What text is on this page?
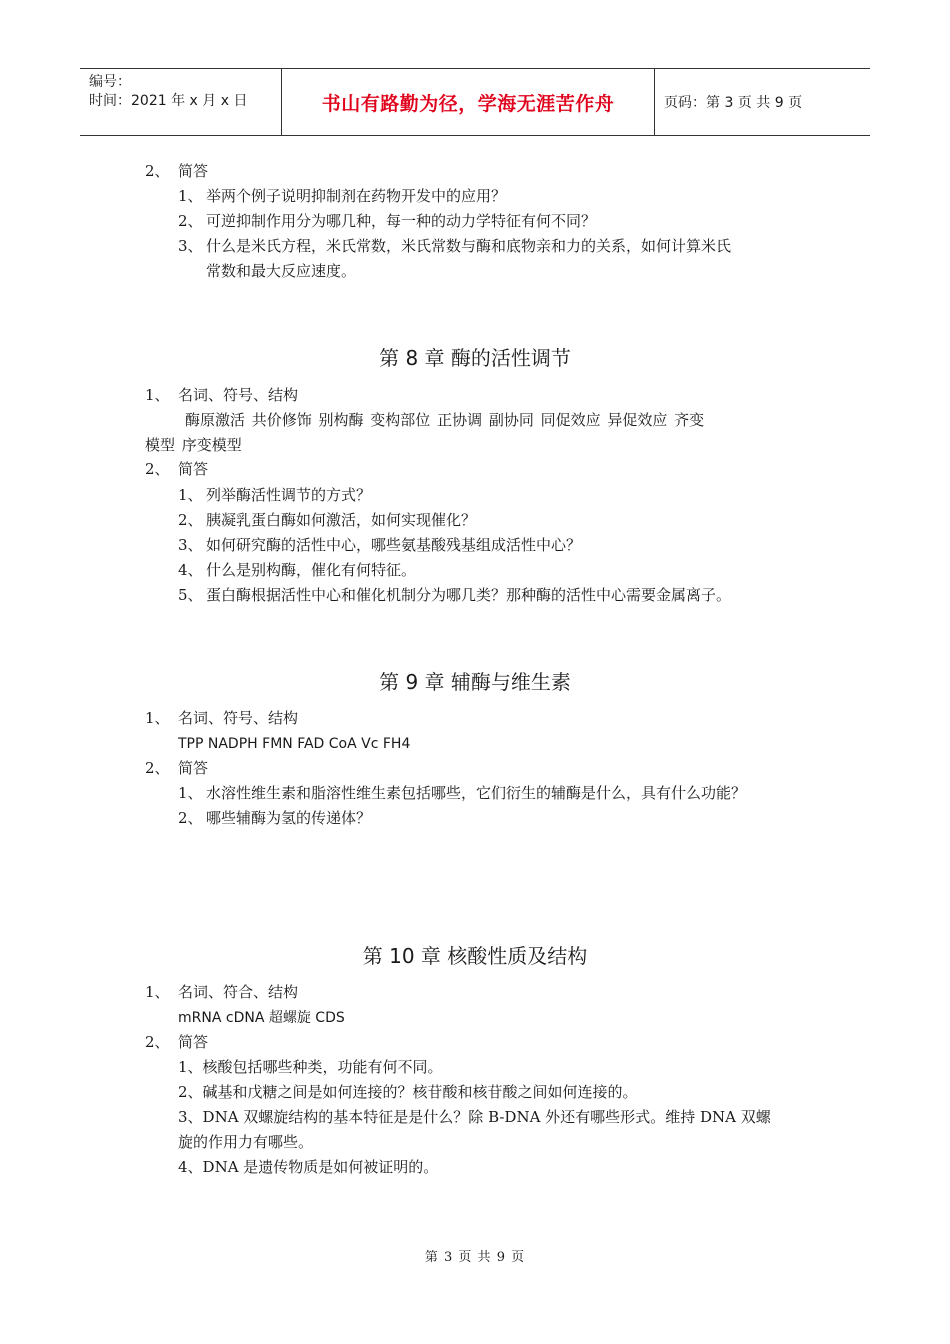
编号：
时间：2021 年 x 月 x 日	书山有路勤为径，学海无涯苦作舟	页码：第 3 页 共 9 页
2、 简答
1、 举两个例子说明抑制剂在药物开发中的应用？
2、 可逆抑制作用分为哪几种，每一种的动力学特征有何不同？
3、 什么是米氏方程，米氏常数，米氏常数与酶和底物亲和力的关系，如何计算米氏
常数和最大反应速度。
第 8 章 酶的活性调节
1、 名词、符号、结构
酶原激活 共价修饰 别构酶 变构部位 正协调 副协同 同促效应 异促效应 齐变
模型 序变模型
2、 简答
1、 列举酶活性调节的方式？
2、 胰凝乳蛋白酶如何激活，如何实现催化？
3、 如何研究酶的活性中心，哪些氨基酸残基组成活性中心？
4、 什么是别构酶，催化有何特征。
5、 蛋白酶根据活性中心和催化机制分为哪几类？那种酶的活性中心需要金属离子。
第 9 章 辅酶与维生素
1、 名词、符号、结构
TPP NADPH FMN FAD CoA Vc FH4
2、 简答
1、 水溶性维生素和脂溶性维生素包括哪些，它们衍生的辅酶是什么，具有什么功能？
2、 哪些辅酶为氢的传递体？
第 10 章 核酸性质及结构
1、 名词、符合、结构
mRNA cDNA 超螺旋 CDS
2、 简答
1、核酸包括哪些种类，功能有何不同。
2、碱基和戊糖之间是如何连接的？核苷酸和核苷酸之间如何连接的。
3、DNA 双螺旋结构的基本特征是是什么？除 B-DNA 外还有哪些形式。维持 DNA 双螺
旋的作用力有哪些。
4、DNA 是遗传物质是如何被证明的。
第 3 页 共 9 页
